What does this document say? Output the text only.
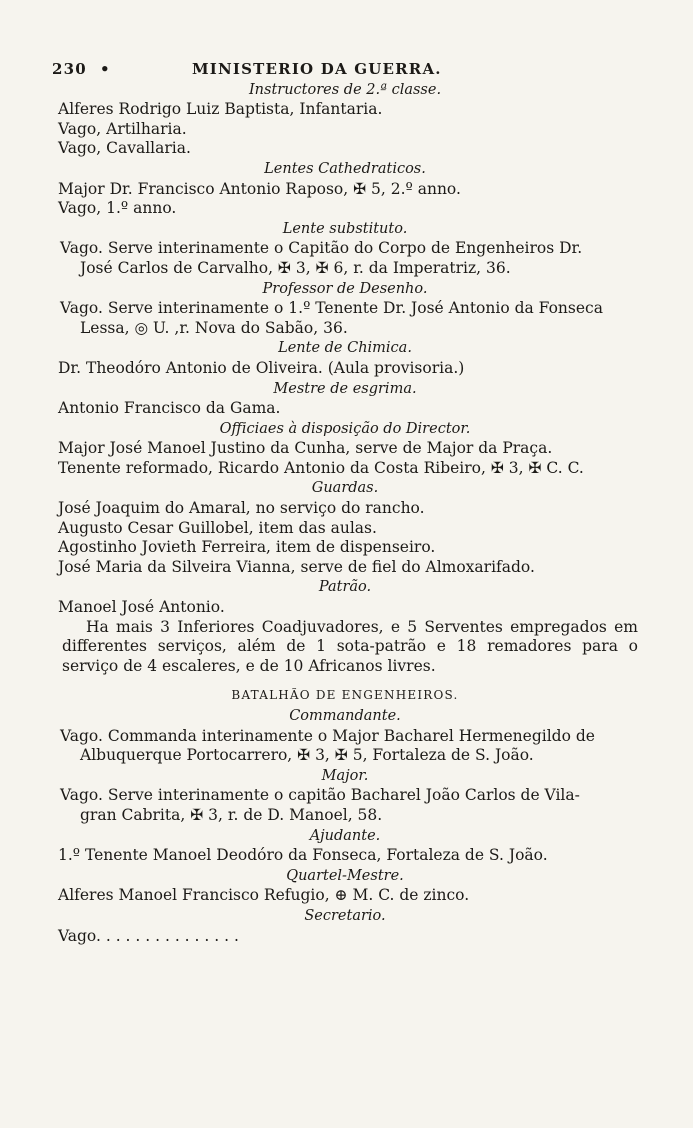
230 •	MINISTERIO DA GUERRA.
Instructores de 2.ª classe.
Alferes Rodrigo Luiz Baptista, Infantaria.
Vago, Artilharia.
Vago, Cavallaria.
Lentes Cathedraticos.
Major Dr. Francisco Antonio Raposo, ✠ 5, 2.º anno.
Vago, 1.º anno.
Lente substituto.
Vago. Serve interinamente o Capitão do Corpo de Engenheiros Dr.
José Carlos de Carvalho, ✠ 3, ✠ 6, r. da Imperatriz, 36.
Professor de Desenho.
Vago. Serve interinamente o 1.º Tenente Dr. José Antonio da Fonseca
Lessa, ◎ U. ,r. Nova do Sabão, 36.
Lente de Chimica.
Dr. Theodóro Antonio de Oliveira. (Aula provisoria.)
Mestre de esgrima.
Antonio Francisco da Gama.
Officiaes à disposição do Director.
Major José Manoel Justino da Cunha, serve de Major da Praça.
Tenente reformado, Ricardo Antonio da Costa Ribeiro, ✠ 3, ✠ C. C.
Guardas.
José Joaquim do Amaral, no serviço do rancho.
Augusto Cesar Guillobel, item das aulas.
Agostinho Jovieth Ferreira, item de dispenseiro.
José Maria da Silveira Vianna, serve de fiel do Almoxarifado.
Patrão.
Manoel José Antonio.
Ha mais 3 Inferiores Coadjuvadores, e 5 Serventes empregados em differentes serviços, além de 1 sota-patrão e 18 remadores para o serviço de 4 escaleres, e de 10 Africanos livres.
BATALHÃO DE ENGENHEIROS.
Commandante.
Vago. Commanda interinamente o Major Bacharel Hermenegildo de
Albuquerque Portocarrero, ✠ 3, ✠ 5, Fortaleza de S. João.
Major.
Vago. Serve interinamente o capitão Bacharel João Carlos de Vila-
gran Cabrita, ✠ 3, r. de D. Manoel, 58.
Ajudante.
1.º Tenente Manoel Deodóro da Fonseca, Fortaleza de S. João.
Quartel-Mestre.
Alferes Manoel Francisco Refugio, ⊕ M. C. de zinco.
Secretario.
Vago. . . . . . . . . . . . . . .
